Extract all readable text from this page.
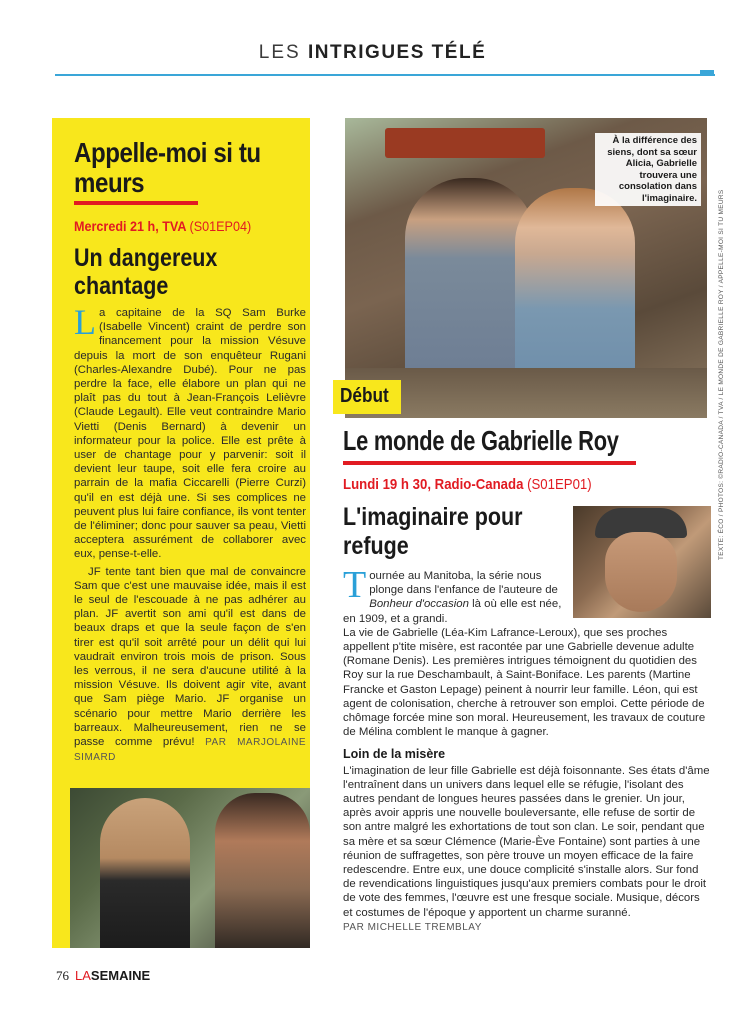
LES INTRIGUES TÉLÉ
Appelle-moi si tu meurs
Mercredi 21 h, TVA (S01EP04)
Un dangereux chantage

La capitaine de la SQ Sam Burke (Isabelle Vincent) craint de perdre son financement pour la mission Vésuve depuis la mort de son enquêteur Rugani (Charles-Alexandre Dubé). Pour ne pas perdre la face, elle élabore un plan qui ne plaît pas du tout à Jean-François Lelièvre (Claude Legault). Elle veut contraindre Mario Vietti (Denis Bernard) à devenir un informateur pour la police. Elle est prête à user de chantage pour y parvenir: soit il devient leur taupe, soit elle fera croire au parrain de la mafia Ciccarelli (Pierre Curzi) qu'il en est déjà une. Si ses complices ne peuvent plus lui faire confiance, ils vont tenter de l'éliminer; donc pour sauver sa peau, Vietti acceptera assurément de collaborer avec eux, pense-t-elle.

JF tente tant bien que mal de convaincre Sam que c'est une mauvaise idée, mais il est le seul de l'escouade à ne pas adhérer au plan. JF avertit son ami qu'il est dans de beaux draps et que la seule façon de s'en tirer est qu'il soit arrêté pour un délit qui lui vaudrait environ trois mois de prison. Sous les verrous, il ne sera d'aucune utilité à la mission Vésuve. Ils doivent agir vite, avant que Sam piège Mario. JF organise un scénario pour mettre Mario derrière les barreaux. Malheureusement, rien ne se passe comme prévu! PAR MARJOLAINE SIMARD

À la différence des siens, dont sa sœur Alicia, Gabrielle trouvera une consolation dans l'imaginaire.
Début
Le monde de Gabrielle Roy
Lundi 19 h 30, Radio-Canada (S01EP01)
L'imaginaire pour refuge
Tournée au Manitoba, la série nous plonge dans l'enfance de l'auteure de Bonheur d'occasion là où elle est née, en 1909, et a grandi.
La vie de Gabrielle (Léa-Kim Lafrance-Leroux), que ses proches appellent p'tite misère, est racontée par une Gabrielle devenue adulte (Romane Denis). Les premières intrigues témoignent du quotidien des Roy sur la rue Deschambault, à Saint-Boniface. Les parents (Martine Francke et Gaston Lepage) peinent à nourrir leur famille. Léon, qui est agent de colonisation, cherche à retrouver son emploi. Cette période de chômage forcée mine son moral. Heureusement, les travaux de couture de Mélina comblent le manque à gagner.
Loin de la misère
L'imagination de leur fille Gabrielle est déjà foisonnante. Ses états d'âme l'entraînent dans un univers dans lequel elle se réfugie, l'isolant des autres pendant de longues heures passées dans le grenier. Un jour, après avoir appris une nouvelle bouleversante, elle refuse de sortir de son antre malgré les exhortations de tout son clan. Le soir, pendant que sa mère et sa sœur Clémence (Marie-Ève Fontaine) sont parties à une réunion de suffragettes, son père trouve un moyen efficace de la faire redescendre. Entre eux, une douce complicité s'installe alors. Sur fond de revendications linguistiques jusqu'aux premiers combats pour le droit de vote des femmes, l'œuvre est une fresque sociale. Musique, décors et costumes de l'époque y apportent un charme suranné.
PAR MICHELLE TREMBLAY
76 LASEMAINE
TEXTE: ÉCO / PHOTOS: ©RADIO-CANADA / TVA / LE MONDE DE GABRIELLE ROY / APPELLE-MOI SI TU MEURS
